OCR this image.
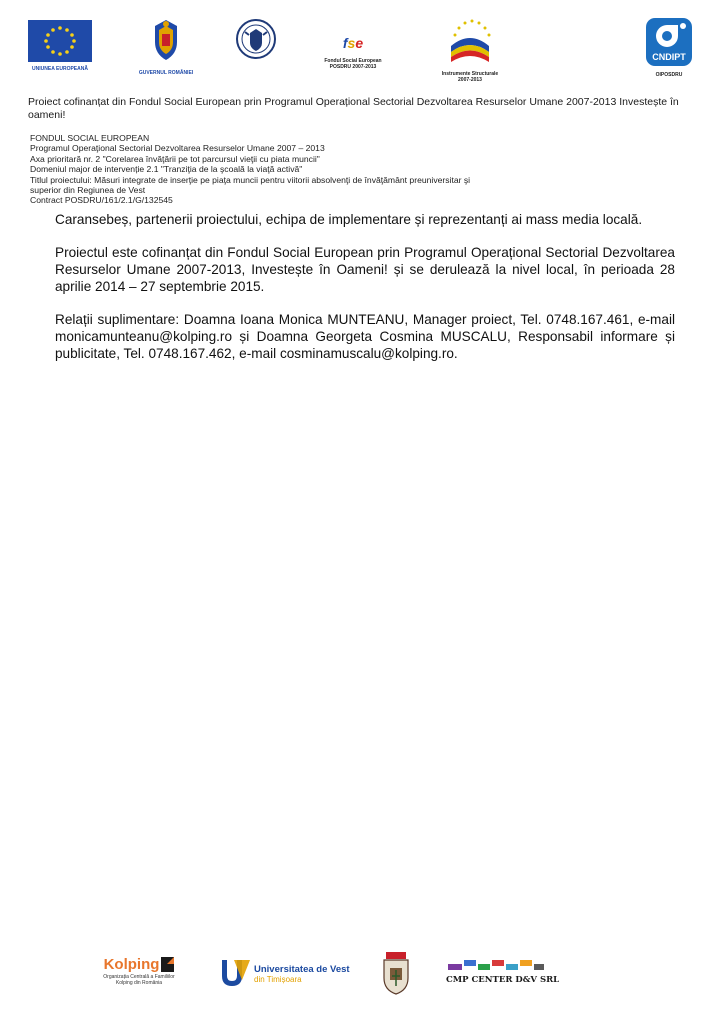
UNIUNEA EUROPEANĂ
GUVERNUL ROMÂNIEI
fse
Fondul Social European
POSDRU 2007-2013
Instrumente Structurale
2007-2013
CNDIPT
OIPOSDRU
Proiect cofinanțat din Fondul Social European prin Programul Operațional Sectorial Dezvoltarea Resurselor Umane 2007-2013 Investește în oameni!
FONDUL SOCIAL EUROPEAN
Programul Operaţional Sectorial Dezvoltarea Resurselor Umane 2007 – 2013
Axa prioritară nr. 2 "Corelarea învăţării pe tot parcursul vieţii cu piata muncii"
Domeniul major de intervenție 2.1 "Tranziţia de la şcoală la viaţă activă"
Titlul proiectului: Măsuri integrate de inserţie pe piaţa muncii pentru viitorii absolvenţi de învăţământ preuniversitar şi
superior din Regiunea de Vest
Contract POSDRU/161/2.1/G/132545

Caransebeș, partenerii proiectului, echipa de implementare și reprezentanți ai mass media locală.

Proiectul este cofinanțat din Fondul Social European prin Programul Operațional Sectorial Dezvoltarea Resurselor Umane 2007-2013, Investește în Oameni! și se derulează la nivel local, în perioada 28 aprilie 2014 – 27 septembrie 2015.

Relații suplimentare: Doamna Ioana Monica MUNTEANU, Manager proiect, Tel. 0748.167.461, e-mail monicamunteanu@kolping.ro și Doamna Georgeta Cosmina MUSCALU, Responsabil informare și publicitate, Tel. 0748.167.462, e-mail cosminamuscalu@kolping.ro.

Kolping
Organizația Centrală a Familiilor
Kolping din România
Universitatea de Vest
din Timișoara	CMP CENTER D&V SRL
